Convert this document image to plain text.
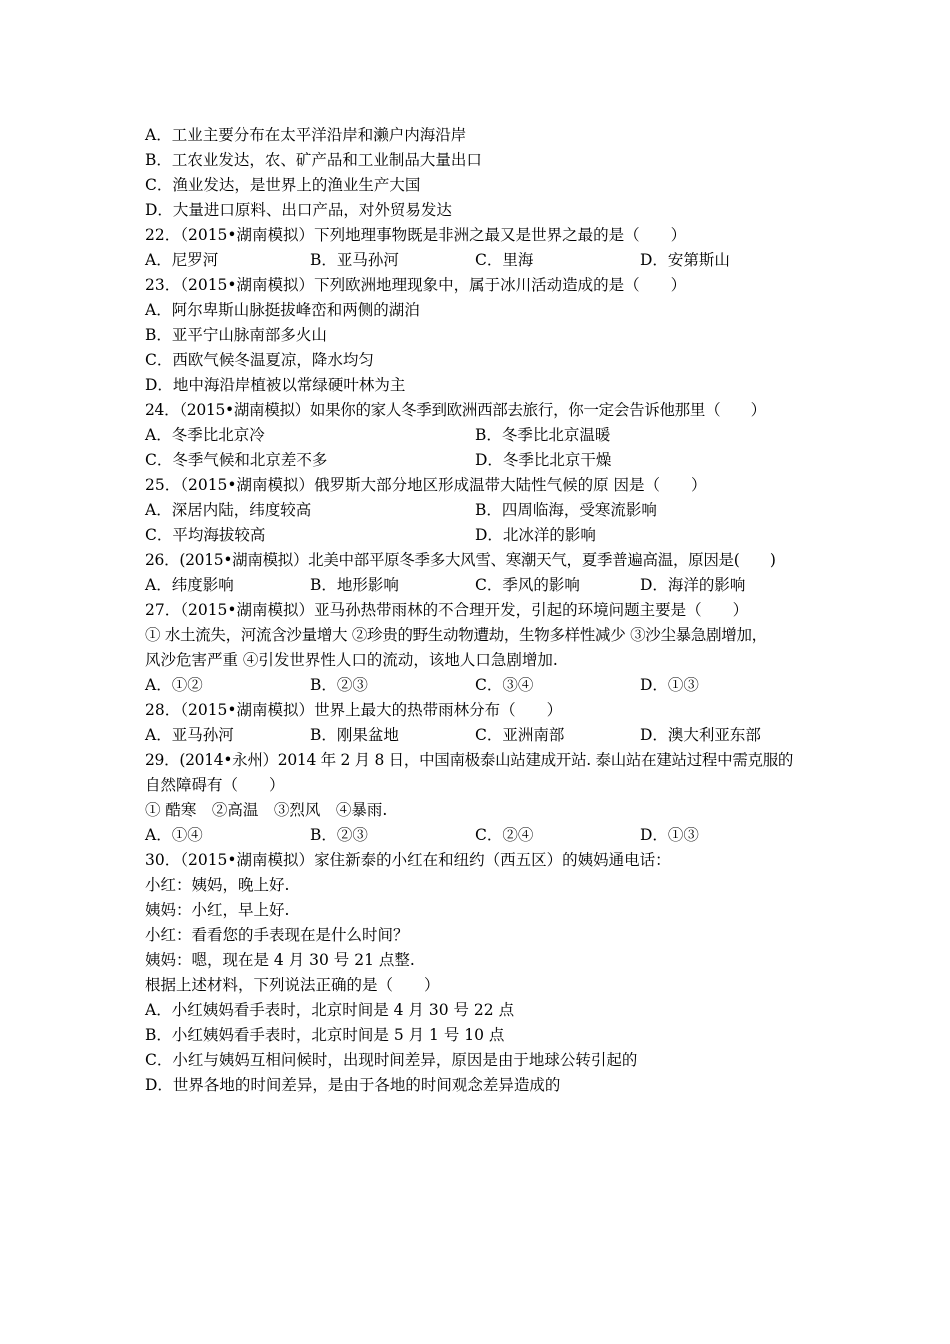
A．工业主要分布在太平洋沿岸和濑户内海沿岸
B．工农业发达，农、矿产品和工业制品大量出口
C．渔业发达，是世界上的渔业生产大国
D．大量进口原料、出口产品，对外贸易发达
22．（2015•湖南模拟）下列地理事物既是非洲之最又是世界之最的是（　　）
A．尼罗河	B．亚马孙河	C．里海	D．安第斯山
23．（2015•湖南模拟）下列欧洲地理现象中，属于冰川活动造成的是（　　）
A．阿尔卑斯山脉挺拔峰峦和两侧的湖泊
B．亚平宁山脉南部多火山
C．西欧气候冬温夏凉，降水均匀
D．地中海沿岸植被以常绿硬叶林为主
24．（2015•湖南模拟）如果你的家人冬季到欧洲西部去旅行，你一定会告诉他那里（　　）
A．冬季比北京冷	B．冬季比北京温暖
C．冬季气候和北京差不多	D．冬季比北京干燥
25．（2015•湖南模拟）俄罗斯大部分地区形成温带大陆性气候的原 因是（　　）
A．深居内陆，纬度较高	B．四周临海，受寒流影响
C．平均海拔较高	D．北冰洋的影响
26．(2015•湖南模拟）北美中部平原冬季多大风雪、寒潮天气，夏季普遍高温，原因是(　　)
A．纬度影响	B．地形影响	C．季风的影响	D．海洋的影响
27．（2015•湖南模拟）亚马孙热带雨林的不合理开发，引起的环境问题主要是（　　）
① 水土流失，河流含沙量增大 ②珍贵的野生动物遭劫，生物多样性减少 ③沙尘暴急剧增加，
风沙危害严重 ④引发世界性人口的流动，该地人口急剧增加.
A．①②	B．②③	C．③④	D．①③
28．（2015•湖南模拟）世界上最大的热带雨林分布（　　）
A．亚马孙河	B．刚果盆地	C．亚洲南部	D．澳大利亚东部
29．(2014•永州）2014 年 2 月 8 日，中国南极泰山站建成开站. 泰山站在建站过程中需克服的
自然障碍有（　　）
① 酷寒　②高温　③烈风　④暴雨.
A．①④	B．②③	C．②④	D．①③
30．（2015•湖南模拟）家住新泰的小红在和纽约（西五区）的姨妈通电话：
小红：姨妈，晚上好.
姨妈：小红，早上好.
小红：看看您的手表现在是什么时间？
姨妈：嗯，现在是 4 月 30 号 21 点整.
根据上述材料，下列说法正确的是（　　）
A．小红姨妈看手表时，北京时间是 4 月 30 号 22 点
B．小红姨妈看手表时，北京时间是 5 月 1 号 10 点
C．小红与姨妈互相问候时，出现时间差异，原因是由于地球公转引起的
D．世界各地的时间差异，是由于各地的时间观念差异造成的
